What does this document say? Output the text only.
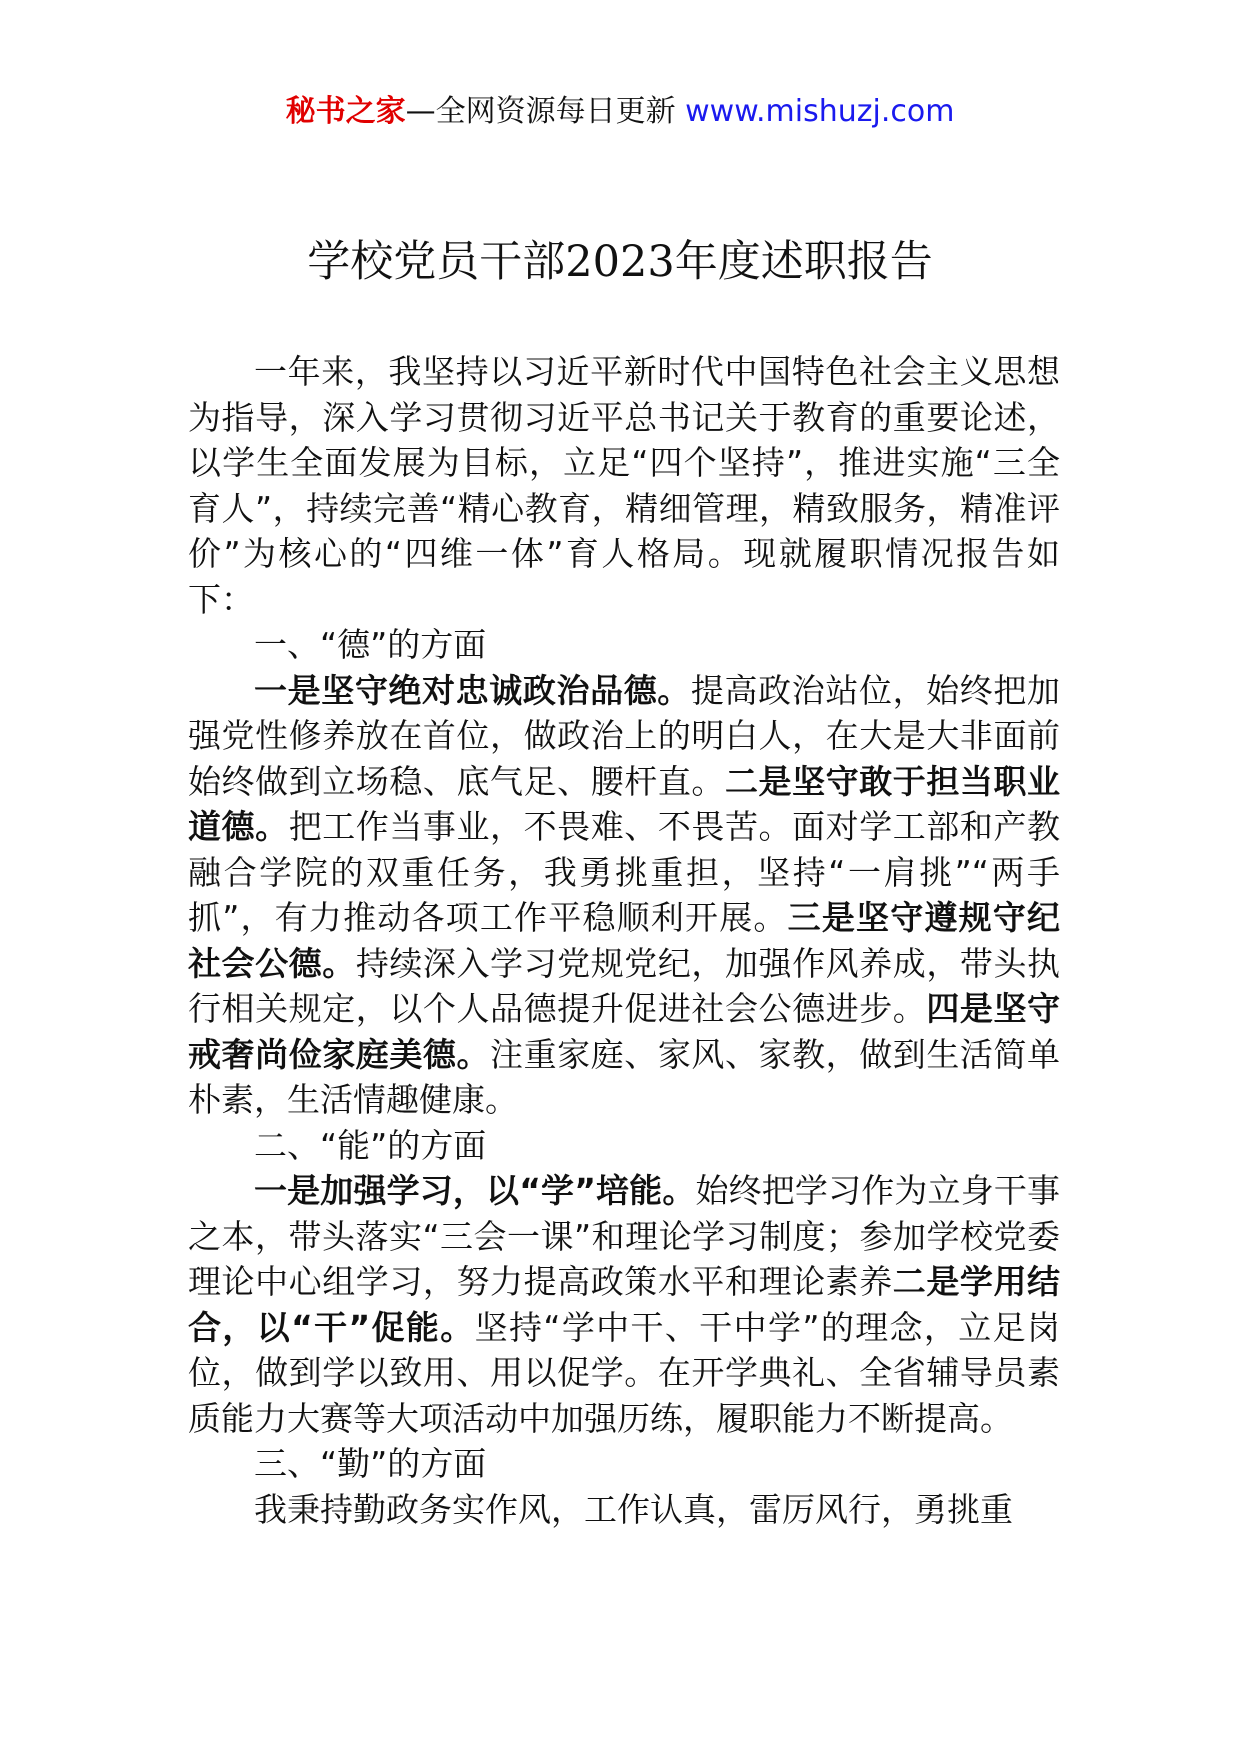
秘书之家—全网资源每日更新 www.mishuzj.com
学校党员干部2023年度述职报告

一年来，我坚持以习近平新时代中国特色社会主义思想为指导，深入学习贯彻习近平总书记关于教育的重要论述，以学生全面发展为目标，立足“四个坚持”，推进实施“三全育人”，持续完善“精心教育，精细管理，精致服务，精准评价”为核心的“四维一体”育人格局。现就履职情况报告如下：

一、“德”的方面

一是坚守绝对忠诚政治品德。提高政治站位，始终把加强党性修养放在首位，做政治上的明白人，在大是大非面前始终做到立场稳、底气足、腰杆直。二是坚守敢于担当职业道德。把工作当事业，不畏难、不畏苦。面对学工部和产教融合学院的双重任务，我勇挑重担，坚持“一肩挑”“两手抓”，有力推动各项工作平稳顺利开展。三是坚守遵规守纪社会公德。持续深入学习党规党纪，加强作风养成，带头执行相关规定，以个人品德提升促进社会公德进步。四是坚守戒奢尚俭家庭美德。注重家庭、家风、家教，做到生活简单朴素，生活情趣健康。

二、“能”的方面

一是加强学习，以“学”培能。始终把学习作为立身干事之本，带头落实“三会一课”和理论学习制度；参加学校党委理论中心组学习，努力提高政策水平和理论素养二是学用结合，以“干”促能。坚持“学中干、干中学”的理念，立足岗位，做到学以致用、用以促学。在开学典礼、全省辅导员素质能力大赛等大项活动中加强历练，履职能力不断提高。

三、“勤”的方面

我秉持勤政务实作风，工作认真，雷厉风行，勇挑重
